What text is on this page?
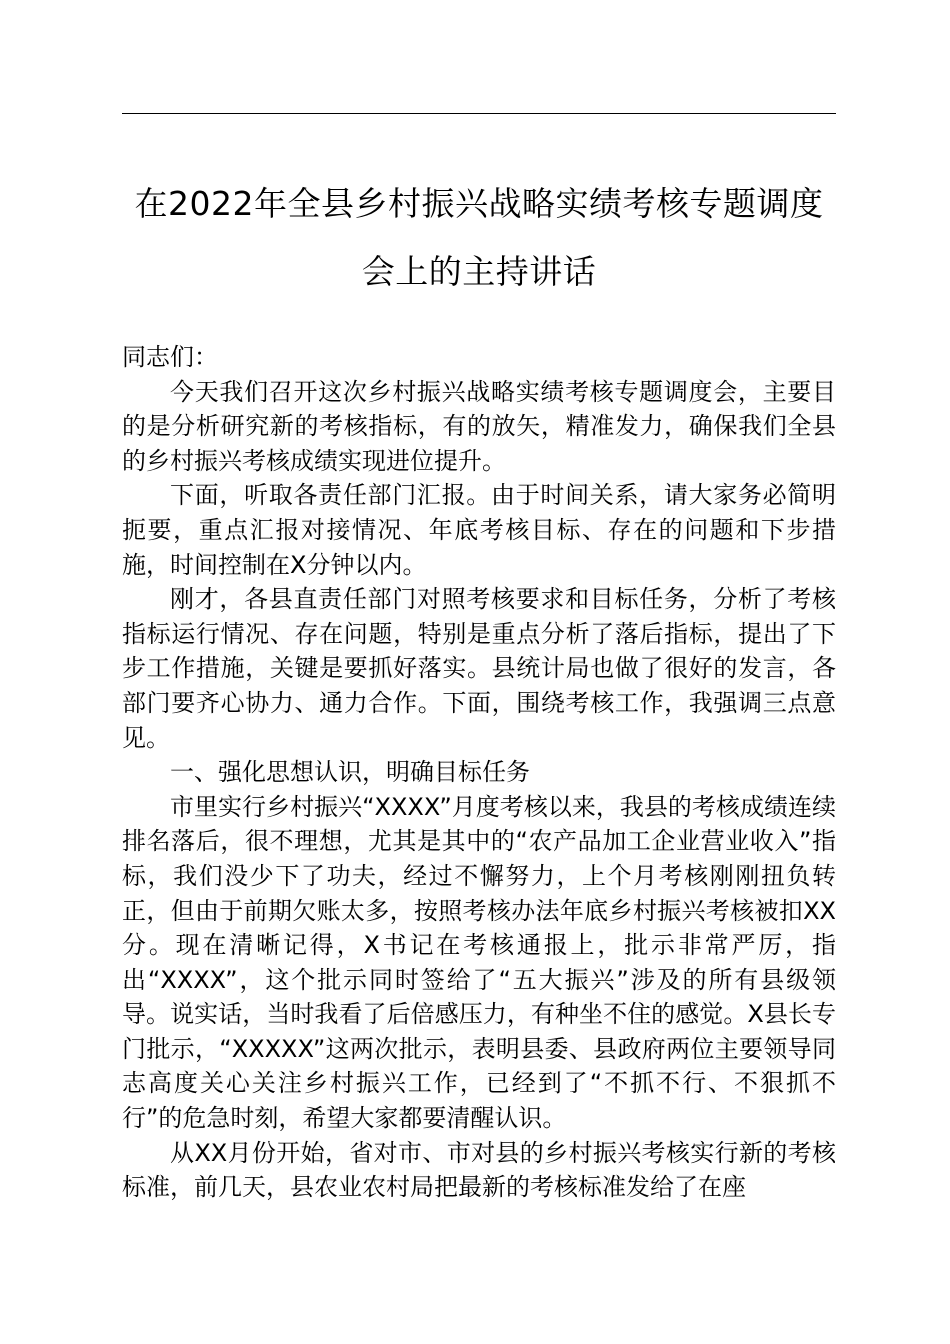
在2022年全县乡村振兴战略实绩考核专题调度会上的主持讲话

同志们：

今天我们召开这次乡村振兴战略实绩考核专题调度会，主要目的是分析研究新的考核指标，有的放矢，精准发力，确保我们全县的乡村振兴考核成绩实现进位提升。

下面，听取各责任部门汇报。由于时间关系，请大家务必简明扼要，重点汇报对接情况、年底考核目标、存在的问题和下步措施，时间控制在X分钟以内。

刚才，各县直责任部门对照考核要求和目标任务，分析了考核指标运行情况、存在问题，特别是重点分析了落后指标，提出了下步工作措施，关键是要抓好落实。县统计局也做了很好的发言，各部门要齐心协力、通力合作。下面，围绕考核工作，我强调三点意见。

一、强化思想认识，明确目标任务

市里实行乡村振兴“XXXX”月度考核以来，我县的考核成绩连续排名落后，很不理想，尤其是其中的“农产品加工企业营业收入”指标，我们没少下了功夫，经过不懈努力，上个月考核刚刚扭负转正，但由于前期欠账太多，按照考核办法年底乡村振兴考核被扣XX分。现在清晰记得，X书记在考核通报上，批示非常严厉，指出“XXXX”，这个批示同时签给了“五大振兴”涉及的所有县级领导。说实话，当时我看了后倍感压力，有种坐不住的感觉。X县长专门批示，“XXXXX”这两次批示，表明县委、县政府两位主要领导同志高度关心关注乡村振兴工作，已经到了“不抓不行、不狠抓不行”的危急时刻，希望大家都要清醒认识。

从XX月份开始，省对市、市对县的乡村振兴考核实行新的考核标准，前几天，县农业农村局把最新的考核标准发给了在座
